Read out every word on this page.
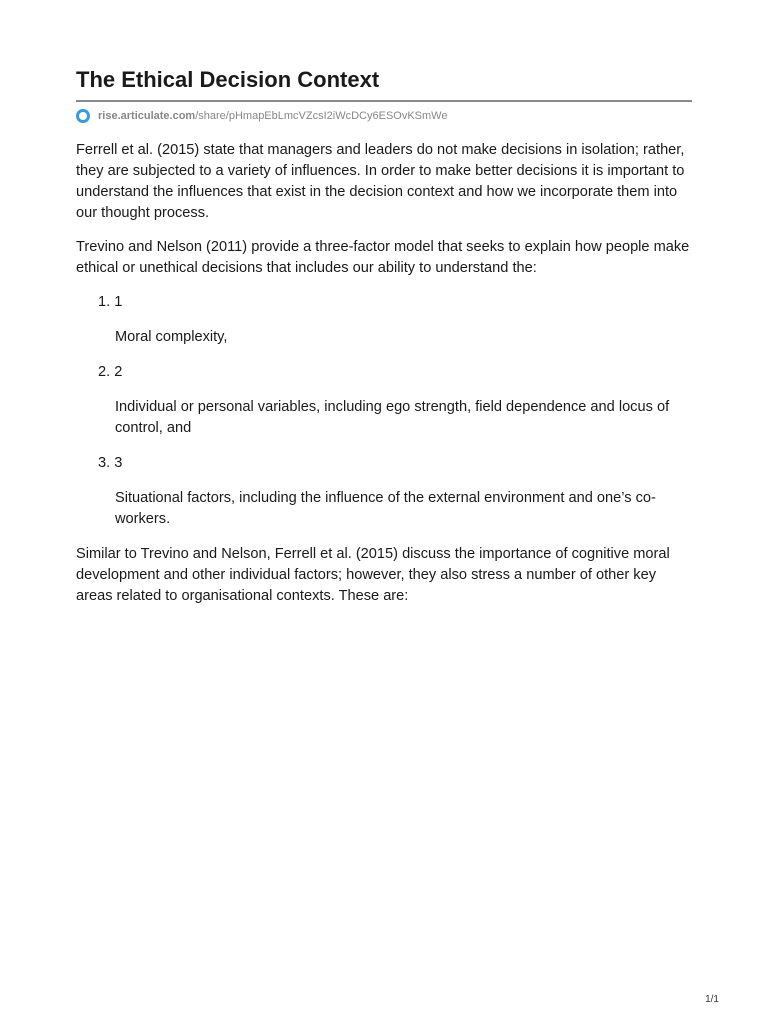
The Ethical Decision Context
rise.articulate.com /share/pHmapEbLmcVZcsI2iWcDCy6ESOvKSmWe

Ferrell et al. (2015) state that managers and leaders do not make decisions in isolation; rather, they are subjected to a variety of influences. In order to make better decisions it is important to understand the influences that exist in the decision context and how we incorporate them into our thought process.

Trevino and Nelson (2011) provide a three-factor model that seeks to explain how people make ethical or unethical decisions that includes our ability to understand the:

1. 1
Moral complexity,
2. 2
Individual or personal variables, including ego strength, field dependence and locus of control, and
3. 3
Situational factors, including the influence of the external environment and one’s co-workers.

Similar to Trevino and Nelson, Ferrell et al. (2015) discuss the importance of cognitive moral development and other individual factors; however, they also stress a number of other key areas related to organisational contexts. These are:

1/1
